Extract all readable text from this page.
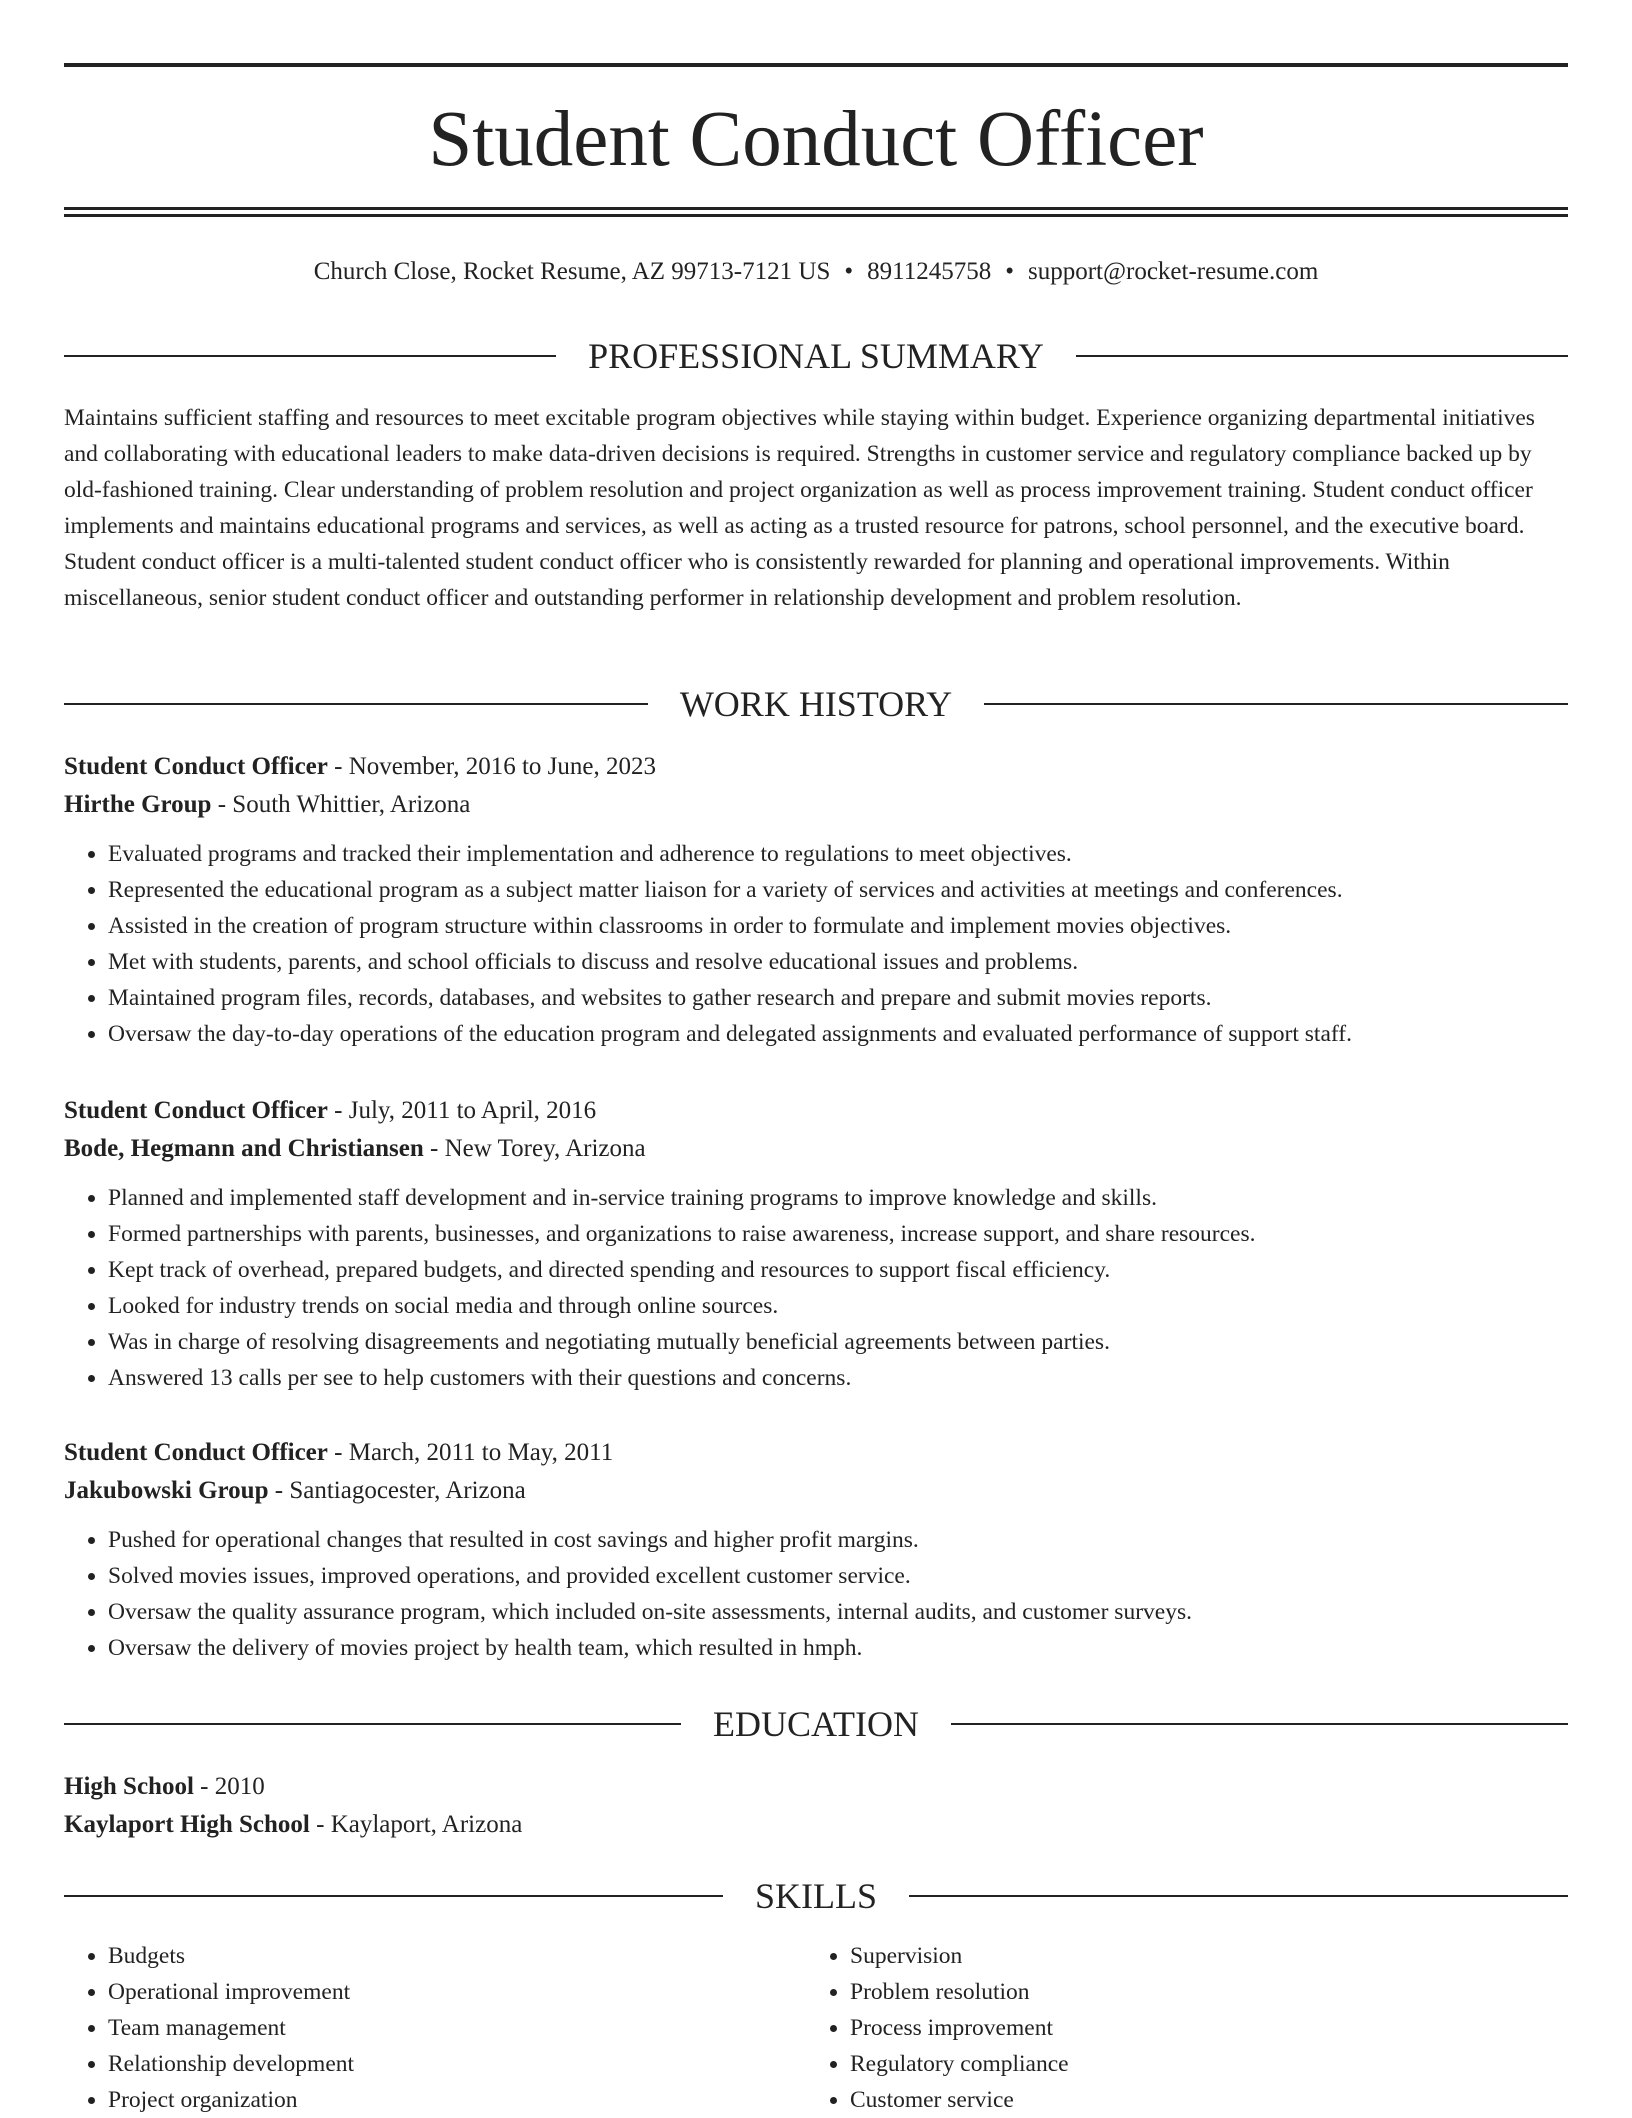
Student Conduct Officer
Church Close, Rocket Resume, AZ 99713-7121 US • 8911245758 • support@rocket-resume.com
PROFESSIONAL SUMMARY

Maintains sufficient staffing and resources to meet excitable program objectives while staying within budget. Experience organizing departmental initiatives and collaborating with educational leaders to make data-driven decisions is required. Strengths in customer service and regulatory compliance backed up by old-fashioned training. Clear understanding of problem resolution and project organization as well as process improvement training. Student conduct officer implements and maintains educational programs and services, as well as acting as a trusted resource for patrons, school personnel, and the executive board. Student conduct officer is a multi-talented student conduct officer who is consistently rewarded for planning and operational improvements. Within miscellaneous, senior student conduct officer and outstanding performer in relationship development and problem resolution.

WORK HISTORY
Student Conduct Officer - November, 2016 to June, 2023
Hirthe Group - South Whittier, Arizona
• Evaluated programs and tracked their implementation and adherence to regulations to meet objectives.
• Represented the educational program as a subject matter liaison for a variety of services and activities at meetings and conferences.
• Assisted in the creation of program structure within classrooms in order to formulate and implement movies objectives.
• Met with students, parents, and school officials to discuss and resolve educational issues and problems.
• Maintained program files, records, databases, and websites to gather research and prepare and submit movies reports.
• Oversaw the day-to-day operations of the education program and delegated assignments and evaluated performance of support staff.
Student Conduct Officer - July, 2011 to April, 2016
Bode, Hegmann and Christiansen - New Torey, Arizona
• Planned and implemented staff development and in-service training programs to improve knowledge and skills.
• Formed partnerships with parents, businesses, and organizations to raise awareness, increase support, and share resources.
• Kept track of overhead, prepared budgets, and directed spending and resources to support fiscal efficiency.
• Looked for industry trends on social media and through online sources.
• Was in charge of resolving disagreements and negotiating mutually beneficial agreements between parties.
• Answered 13 calls per see to help customers with their questions and concerns.
Student Conduct Officer - March, 2011 to May, 2011
Jakubowski Group - Santiagocester, Arizona
• Pushed for operational changes that resulted in cost savings and higher profit margins.
• Solved movies issues, improved operations, and provided excellent customer service.
• Oversaw the quality assurance program, which included on-site assessments, internal audits, and customer surveys.
• Oversaw the delivery of movies project by health team, which resulted in hmph.
EDUCATION
High School - 2010
Kaylaport High School - Kaylaport, Arizona
SKILLS
• Budgets
• Operational improvement
• Team management
• Relationship development
• Project organization
• Supervision
• Problem resolution
• Process improvement
• Regulatory compliance
• Customer service
